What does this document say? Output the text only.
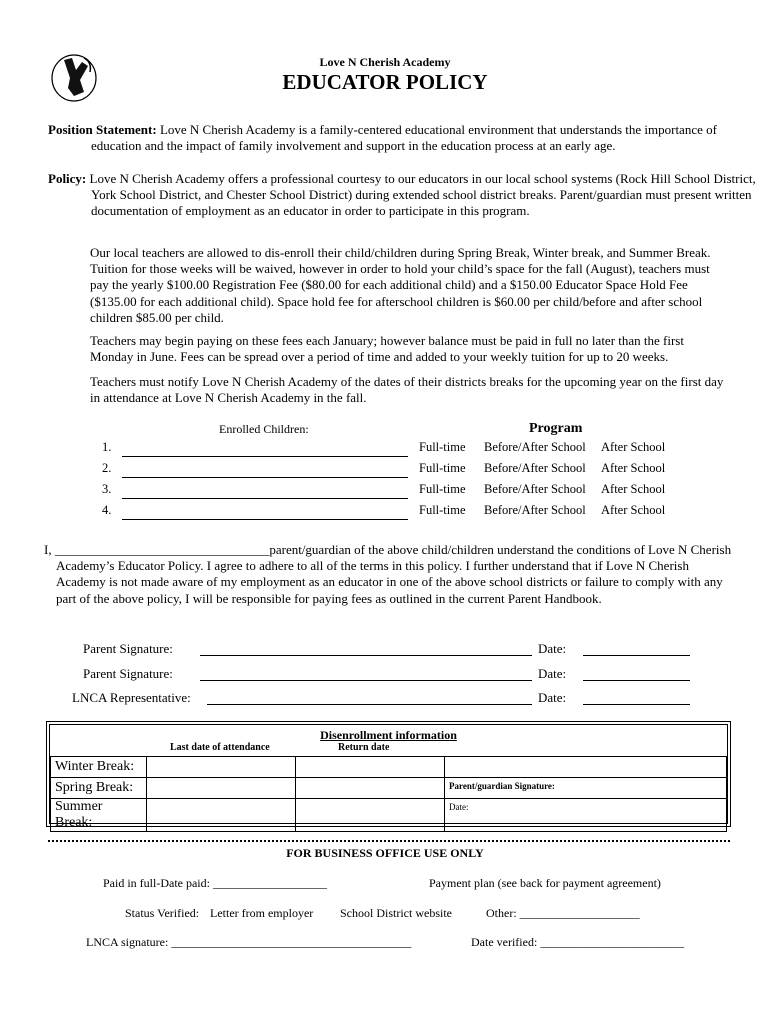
Love N Cherish Academy
EDUCATOR POLICY
Position Statement: Love N Cherish Academy is a family-centered educational environment that understands the importance of education and the impact of family involvement and support in the education process at an early age.
Policy: Love N Cherish Academy offers a professional courtesy to our educators in our local school systems (Rock Hill School District, York School District, and Chester School District) during extended school district breaks. Parent/guardian must present written documentation of employment as an educator in order to participate in this program.
Our local teachers are allowed to dis-enroll their child/children during Spring Break, Winter break, and Summer Break. Tuition for those weeks will be waived, however in order to hold your child’s space for the fall (August), teachers must pay the yearly $100.00 Registration Fee ($80.00 for each additional child) and a $150.00 Educator Space Hold Fee ($135.00 for each additional child). Space hold fee for afterschool children is $60.00 per child/before and after school children $85.00 per child.
Teachers may begin paying on these fees each January; however balance must be paid in full no later than the first Monday in June. Fees can be spread over a period of time and added to your weekly tuition for up to 20 weeks.
Teachers must notify Love N Cherish Academy of the dates of their districts breaks for the upcoming year on the first day in attendance at Love N Cherish Academy in the fall.
Enrolled Children:	Program
1.	Full-time Before/After School After School
2.	Full-time Before/After School After School
3.	Full-time Before/After School After School
4.	Full-time Before/After School After School
I, _________________________________parent/guardian of the above child/children understand the conditions of Love N Cherish Academy’s Educator Policy. I agree to adhere to all of the terms in this policy. I further understand that if Love N Cherish Academy is not made aware of my employment as an educator in one of the above school districts or failure to comply with any part of the above policy, I will be responsible for paying fees as outlined in the current Parent Handbook.
Parent Signature:	Date:
Parent Signature:	Date:
LNCA Representative:	Date:
Disenrollment information
Last date of attendance	Return date
Winter Break:			
Spring Break:			Parent/guardian Signature:
Summer Break:			Date:
FOR BUSINESS OFFICE USE ONLY
Paid in full-Date paid: ___________________	Payment plan (see back for payment agreement)
Status Verified: Letter from employer School District website	Other: ____________________
LNCA signature: ________________________________________	Date verified: ________________________
